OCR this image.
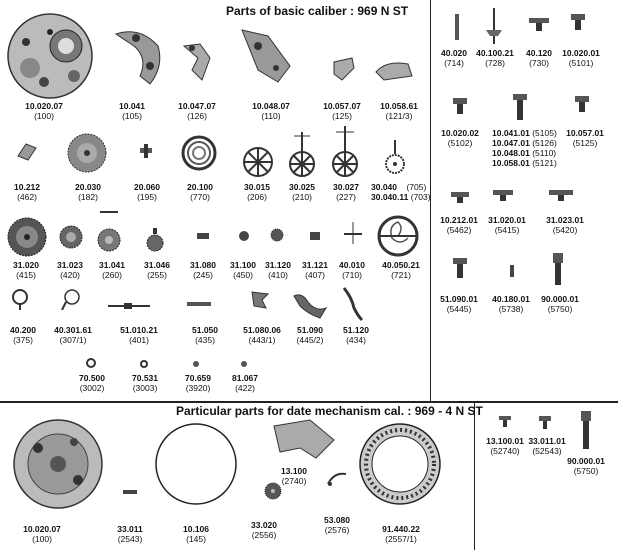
Parts of basic caliber : 969 N ST
Particular parts for date mechanism cal. : 969 - 4 N ST
10.020.07
(100)
10.041
(105)
10.047.07
(126)
10.048.07
(110)
10.057.07
(125)
10.058.61
(121/3)
10.212
(462)
20.030
(182)
20.060
(195)
20.100
(770)
30.015
(206)
30.025
(210)
30.027
(227)
30.040 (705)
30.040.11 (703)
31.020
(415)
31.023
(420)
31.041
(260)
31.046
(255)
31.080
(245)
31.100
(450)
31.120
(410)
31.121
(407)
40.010
(710)
40.050.21
(721)
40.200
(375)
40.301.61
(307/1)
51.010.21
(401)
51.050
(435)
51.080.06
(443/1)
51.090
(445/2)
51.120
(434)
70.500
(3002)
70.531
(3003)
70.659
(3920)
81.067
(422)
40.020
(714)
40.100.21
(728)
40.120
(730)
10.020.01
(5101)
10.020.02
(5102)
10.041.01 (5105)
10.047.01 (5126)
10.048.01 (5110)
10.058.01 (5121)
10.057.01
(5125)
10.212.01
(5462)
31.020.01
(5415)
31.023.01
(5420)
51.090.01
(5445)
40.180.01
(5738)
90.000.01
(5750)
10.020.07
(100)
33.011
(2543)
10.106
(145)
33.020
(2556)
13.100
(2740)
53.080
(2576)	91.440.22
(2557/1)
13.100.01
(52740)
33.011.01
(52543)
90.000.01
(5750)
